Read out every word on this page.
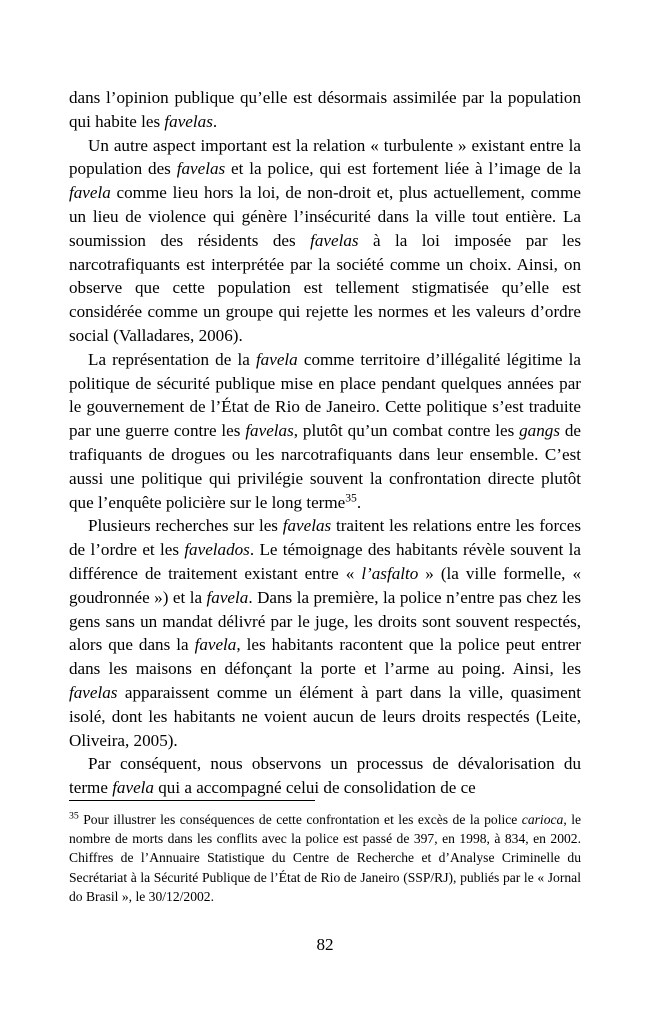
dans l’opinion publique qu’elle est désormais assimilée par la population qui habite les favelas.

Un autre aspect important est la relation « turbulente » existant entre la population des favelas et la police, qui est fortement liée à l’image de la favela comme lieu hors la loi, de non-droit et, plus actuellement, comme un lieu de violence qui génère l’insécurité dans la ville tout entière. La soumission des résidents des favelas à la loi imposée par les narcotrafiquants est interprétée par la société comme un choix. Ainsi, on observe que cette population est tellement stigmatisée qu’elle est considérée comme un groupe qui rejette les normes et les valeurs d’ordre social (Valladares, 2006).

La représentation de la favela comme territoire d’illégalité légitime la politique de sécurité publique mise en place pendant quelques années par le gouvernement de l’État de Rio de Janeiro. Cette politique s’est traduite par une guerre contre les favelas, plutôt qu’un combat contre les gangs de trafiquants de drogues ou les narcotrafiquants dans leur ensemble. C’est aussi une politique qui privilégie souvent la confrontation directe plutôt que l’enquête policière sur le long terme$^{35}$.

Plusieurs recherches sur les favelas traitent les relations entre les forces de l’ordre et les favelados. Le témoignage des habitants révèle souvent la différence de traitement existant entre « l’asfalto » (la ville formelle, « goudronnée ») et la favela. Dans la première, la police n’entre pas chez les gens sans un mandat délivré par le juge, les droits sont souvent respectés, alors que dans la favela, les habitants racontent que la police peut entrer dans les maisons en défonçant la porte et l’arme au poing. Ainsi, les favelas apparaissent comme un élément à part dans la ville, quasiment isolé, dont les habitants ne voient aucun de leurs droits respectés (Leite, Oliveira, 2005).

Par conséquent, nous observons un processus de dévalorisation du terme favela qui a accompagné celui de consolidation de ce

$^{35}$ Pour illustrer les conséquences de cette confrontation et les excès de la police carioca, le nombre de morts dans les conflits avec la police est passé de 397, en 1998, à 834, en 2002. Chiffres de l’Annuaire Statistique du Centre de Recherche et d’Analyse Criminelle du Secrétariat à la Sécurité Publique de l’État de Rio de Janeiro (SSP/RJ), publiés par le « Jornal do Brasil », le 30/12/2002.

82
